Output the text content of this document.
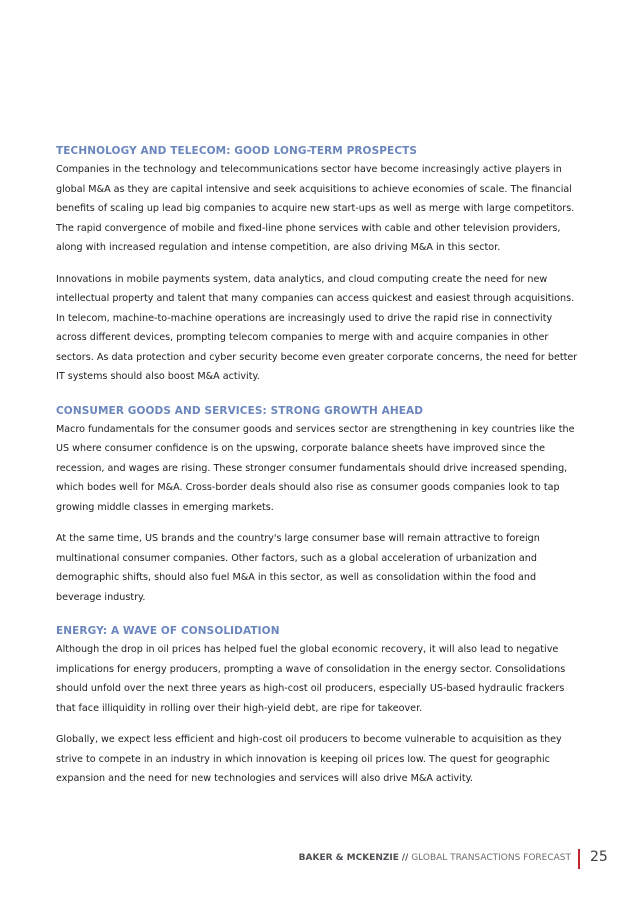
TECHNOLOGY AND TELECOM: GOOD LONG-TERM PROSPECTS

Companies in the technology and telecommunications sector have become increasingly active players in global M&A as they are capital intensive and seek acquisitions to achieve economies of scale. The financial benefits of scaling up lead big companies to acquire new start-ups as well as merge with large competitors. The rapid convergence of mobile and fixed-line phone services with cable and other television providers, along with increased regulation and intense competition, are also driving M&A in this sector.

Innovations in mobile payments system, data analytics, and cloud computing create the need for new intellectual property and talent that many companies can access quickest and easiest through acquisitions. In telecom, machine-to-machine operations are increasingly used to drive the rapid rise in connectivity across different devices, prompting telecom companies to merge with and acquire companies in other sectors. As data protection and cyber security become even greater corporate concerns, the need for better IT systems should also boost M&A activity.

CONSUMER GOODS AND SERVICES: STRONG GROWTH AHEAD

Macro fundamentals for the consumer goods and services sector are strengthening in key countries like the US where consumer confidence is on the upswing, corporate balance sheets have improved since the recession, and wages are rising. These stronger consumer fundamentals should drive increased spending, which bodes well for M&A. Cross-border deals should also rise as consumer goods companies look to tap growing middle classes in emerging markets.

At the same time, US brands and the country's large consumer base will remain attractive to foreign multinational consumer companies. Other factors, such as a global acceleration of urbanization and demographic shifts, should also fuel M&A in this sector, as well as consolidation within the food and beverage industry.

ENERGY: A WAVE OF CONSOLIDATION

Although the drop in oil prices has helped fuel the global economic recovery, it will also lead to negative implications for energy producers, prompting a wave of consolidation in the energy sector. Consolidations should unfold over the next three years as high-cost oil producers, especially US-based hydraulic frackers that face illiquidity in rolling over their high-yield debt, are ripe for takeover.

Globally, we expect less efficient and high-cost oil producers to become vulnerable to acquisition as they strive to compete in an industry in which innovation is keeping oil prices low. The quest for geographic expansion and the need for new technologies and services will also drive M&A activity.

BAKER & MCKENZIE // GLOBAL TRANSACTIONS FORECAST 25
